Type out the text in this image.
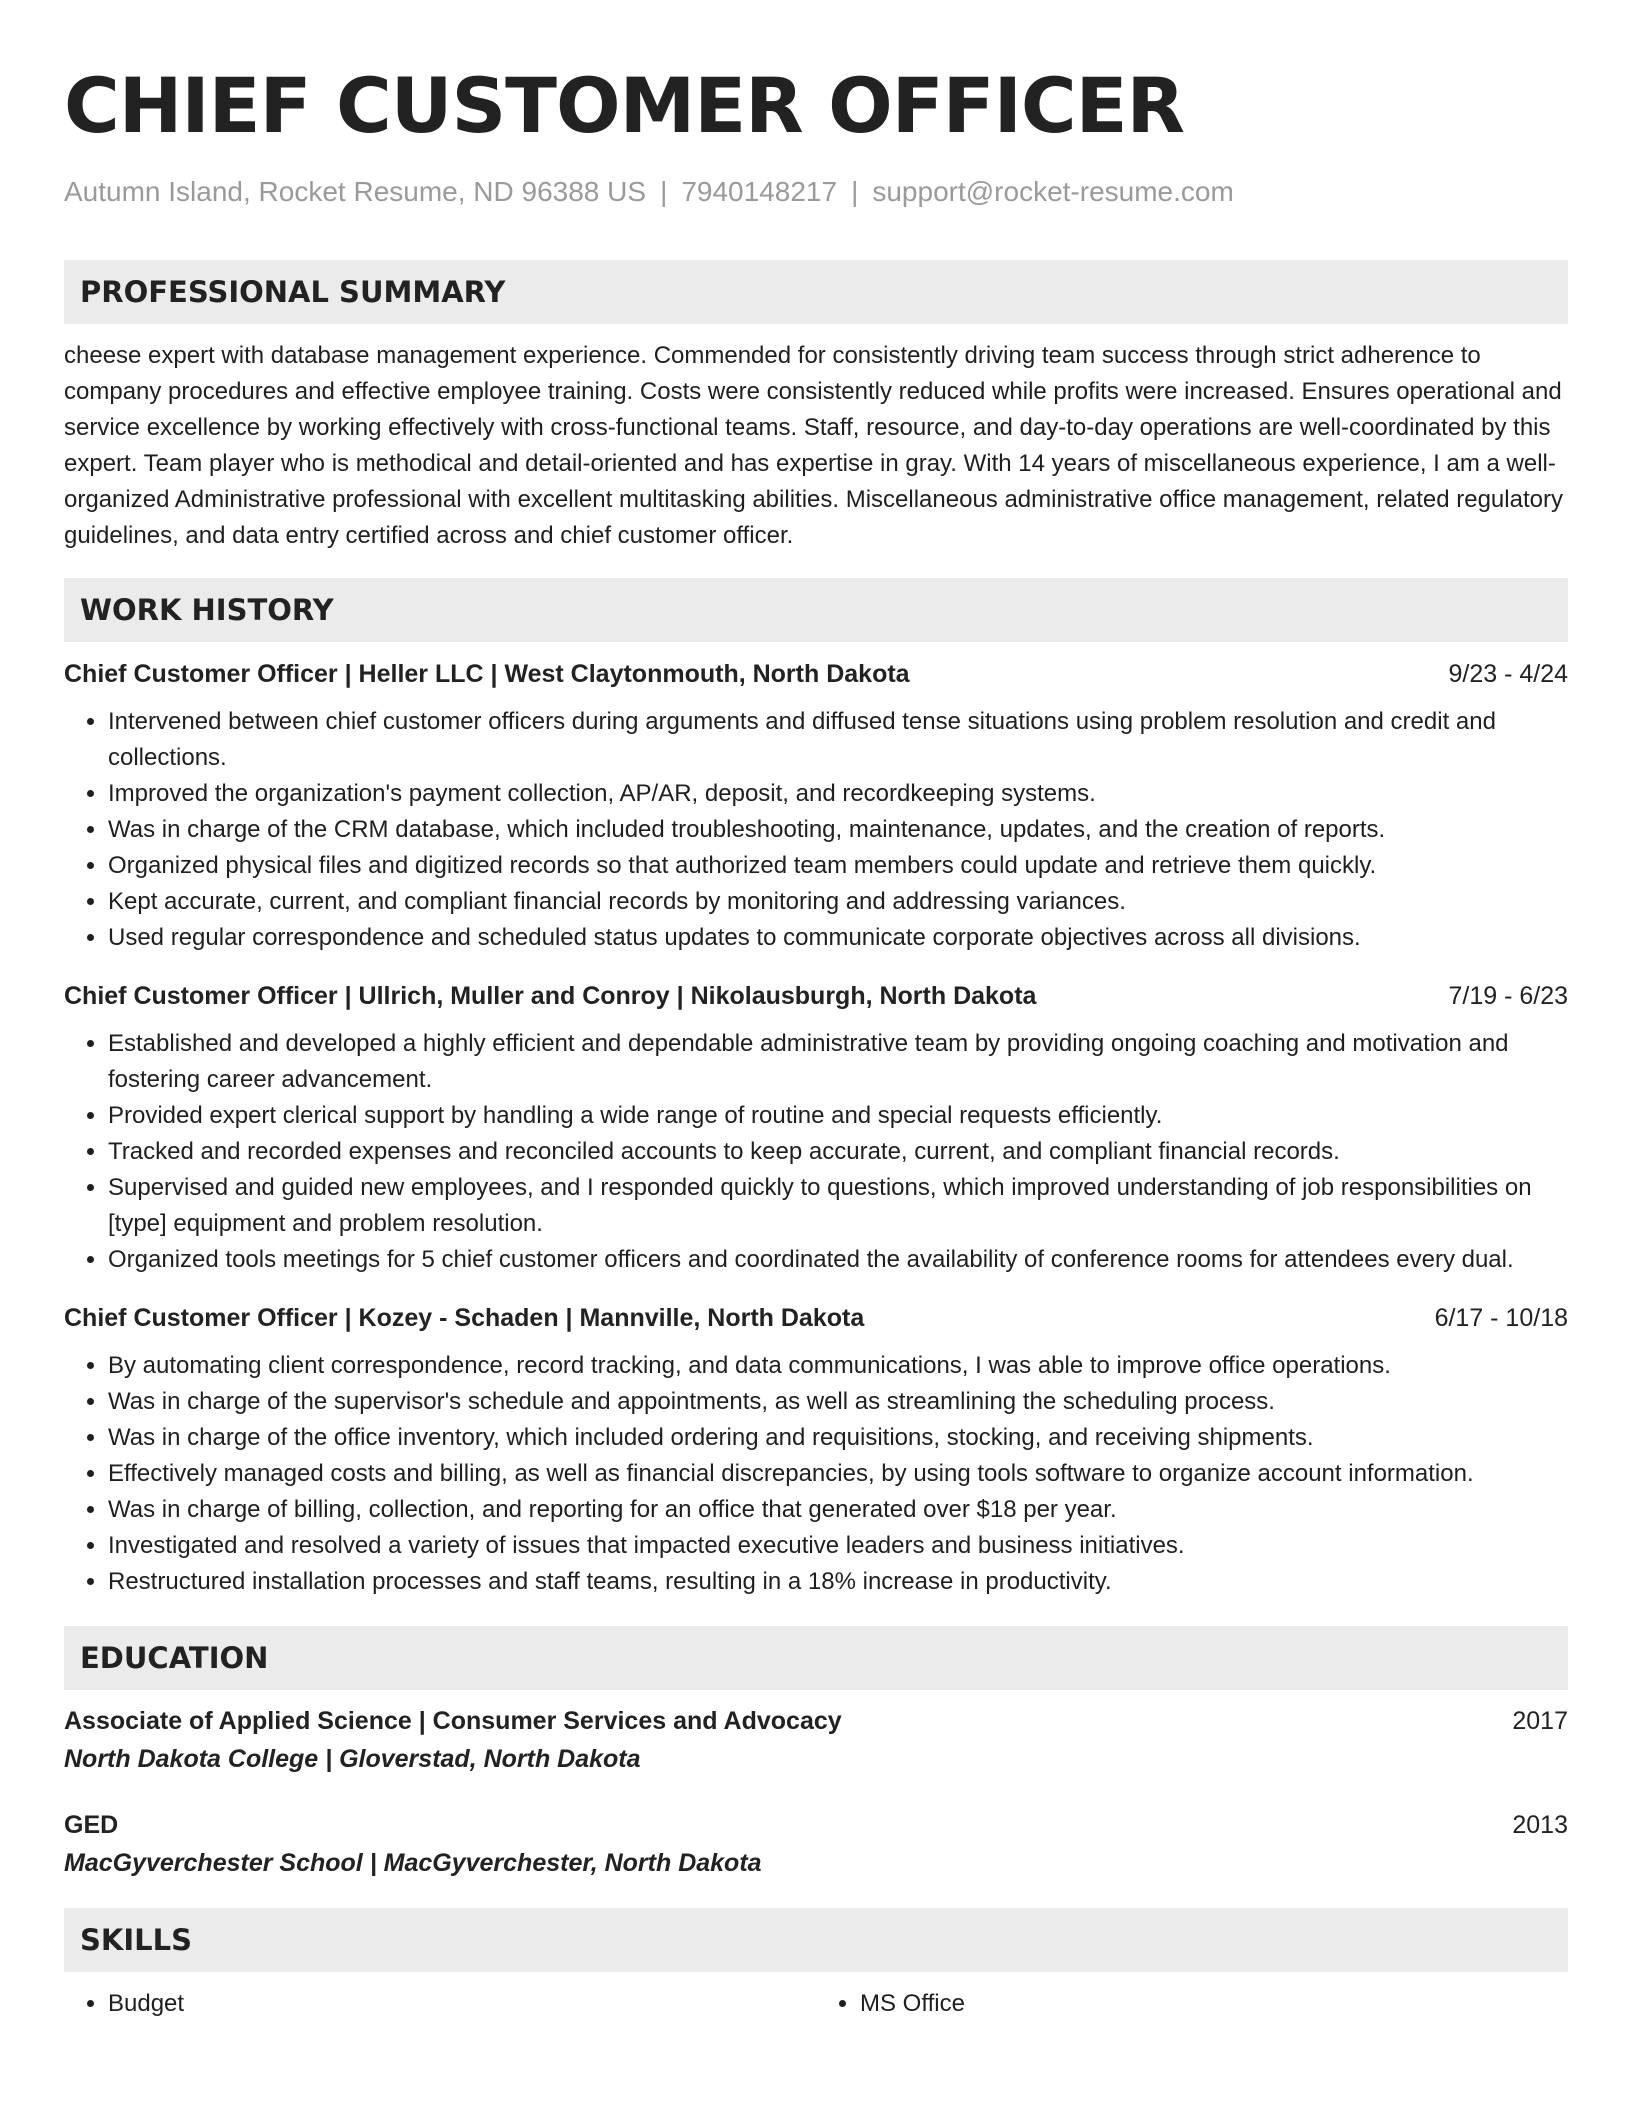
CHIEF CUSTOMER OFFICER
Autumn Island, Rocket Resume, ND 96388 US | 7940148217 | support@rocket-resume.com
PROFESSIONAL SUMMARY
cheese expert with database management experience. Commended for consistently driving team success through strict adherence to company procedures and effective employee training. Costs were consistently reduced while profits were increased. Ensures operational and service excellence by working effectively with cross-functional teams. Staff, resource, and day-to-day operations are well-coordinated by this expert. Team player who is methodical and detail-oriented and has expertise in gray. With 14 years of miscellaneous experience, I am a well-organized Administrative professional with excellent multitasking abilities. Miscellaneous administrative office management, related regulatory guidelines, and data entry certified across and chief customer officer.
WORK HISTORY
Chief Customer Officer | Heller LLC | West Claytonmouth, North Dakota	9/23 - 4/24
• Intervened between chief customer officers during arguments and diffused tense situations using problem resolution and credit and collections.
• Improved the organization's payment collection, AP/AR, deposit, and recordkeeping systems.
• Was in charge of the CRM database, which included troubleshooting, maintenance, updates, and the creation of reports.
• Organized physical files and digitized records so that authorized team members could update and retrieve them quickly.
• Kept accurate, current, and compliant financial records by monitoring and addressing variances.
• Used regular correspondence and scheduled status updates to communicate corporate objectives across all divisions.
Chief Customer Officer | Ullrich, Muller and Conroy | Nikolausburgh, North Dakota	7/19 - 6/23
• Established and developed a highly efficient and dependable administrative team by providing ongoing coaching and motivation and fostering career advancement.
• Provided expert clerical support by handling a wide range of routine and special requests efficiently.
• Tracked and recorded expenses and reconciled accounts to keep accurate, current, and compliant financial records.
• Supervised and guided new employees, and I responded quickly to questions, which improved understanding of job responsibilities on [type] equipment and problem resolution.
• Organized tools meetings for 5 chief customer officers and coordinated the availability of conference rooms for attendees every dual.
Chief Customer Officer | Kozey - Schaden | Mannville, North Dakota	6/17 - 10/18
• By automating client correspondence, record tracking, and data communications, I was able to improve office operations.
• Was in charge of the supervisor's schedule and appointments, as well as streamlining the scheduling process.
• Was in charge of the office inventory, which included ordering and requisitions, stocking, and receiving shipments.
• Effectively managed costs and billing, as well as financial discrepancies, by using tools software to organize account information.
• Was in charge of billing, collection, and reporting for an office that generated over $18 per year.
• Investigated and resolved a variety of issues that impacted executive leaders and business initiatives.
• Restructured installation processes and staff teams, resulting in a 18% increase in productivity.
EDUCATION
Associate of Applied Science | Consumer Services and Advocacy	2017
North Dakota College | Gloverstad, North Dakota
GED	2013
MacGyverchester School | MacGyverchester, North Dakota
SKILLS
• Budget
•	MS Office
